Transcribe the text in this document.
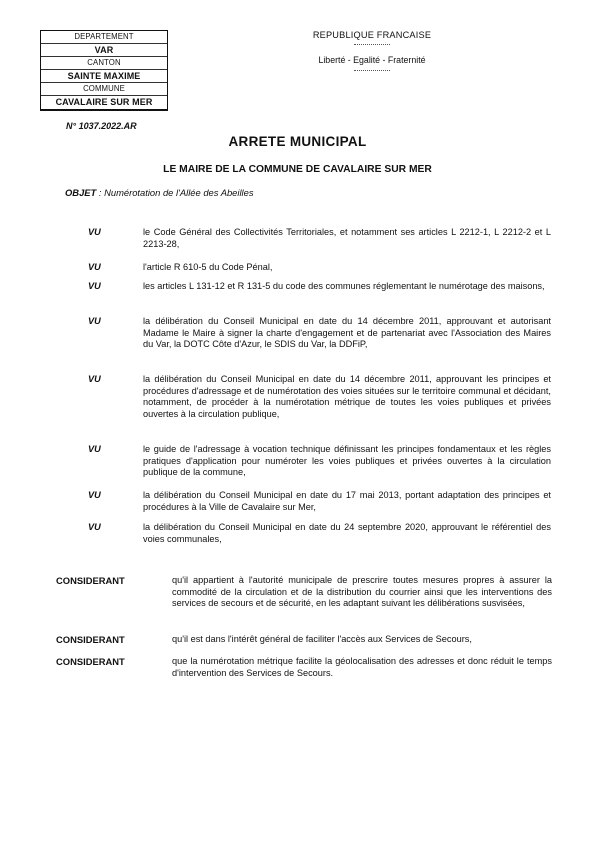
DEPARTEMENT
VAR
CANTON
SAINTE MAXIME
COMMUNE
CAVALAIRE SUR MER
REPUBLIQUE FRANCAISE
Liberté - Egalité - Fraternité
N° 1037.2022.AR
ARRETE MUNICIPAL
LE MAIRE DE LA COMMUNE DE CAVALAIRE SUR MER
OBJET : Numérotation de l'Allée des Abeilles
VU	le Code Général des Collectivités Territoriales, et notamment ses articles L 2212-1, L 2212-2 et L 2213-28,
VU	l'article R 610-5 du Code Pénal,
VU	les articles L 131-12 et R 131-5 du code des communes réglementant le numérotage des maisons,
VU	la délibération du Conseil Municipal en date du 14 décembre 2011, approuvant et autorisant Madame le Maire à signer la charte d'engagement et de partenariat avec l'Association des Maires du Var, la DOTC Côte d'Azur, le SDIS du Var, la DDFiP,
VU	la délibération du Conseil Municipal en date du 14 décembre 2011, approuvant les principes et procédures d'adressage et de numérotation des voies situées sur le territoire communal et décidant, notamment, de procéder à la numérotation métrique de toutes les voies publiques et privées ouvertes à la circulation publique,
VU	le guide de l'adressage à vocation technique définissant les principes fondamentaux et les règles pratiques d'application pour numéroter les voies publiques et privées ouvertes à la circulation publique de la commune,
VU	la délibération du Conseil Municipal en date du 17 mai 2013, portant adaptation des principes et procédures à la Ville de Cavalaire sur Mer,
VU	la délibération du Conseil Municipal en date du 24 septembre 2020, approuvant le référentiel des voies communales,
CONSIDERANT	qu'il appartient à l'autorité municipale de prescrire toutes mesures propres à assurer la commodité de la circulation et de la distribution du courrier ainsi que les interventions des services de secours et de sécurité, en les adaptant suivant les délibérations susvisées,
CONSIDERANT	qu'il est dans l'intérêt général de faciliter l'accès aux Services de Secours,
CONSIDERANT	que la numérotation métrique facilite la géolocalisation des adresses et donc réduit le temps d'intervention des Services de Secours.
